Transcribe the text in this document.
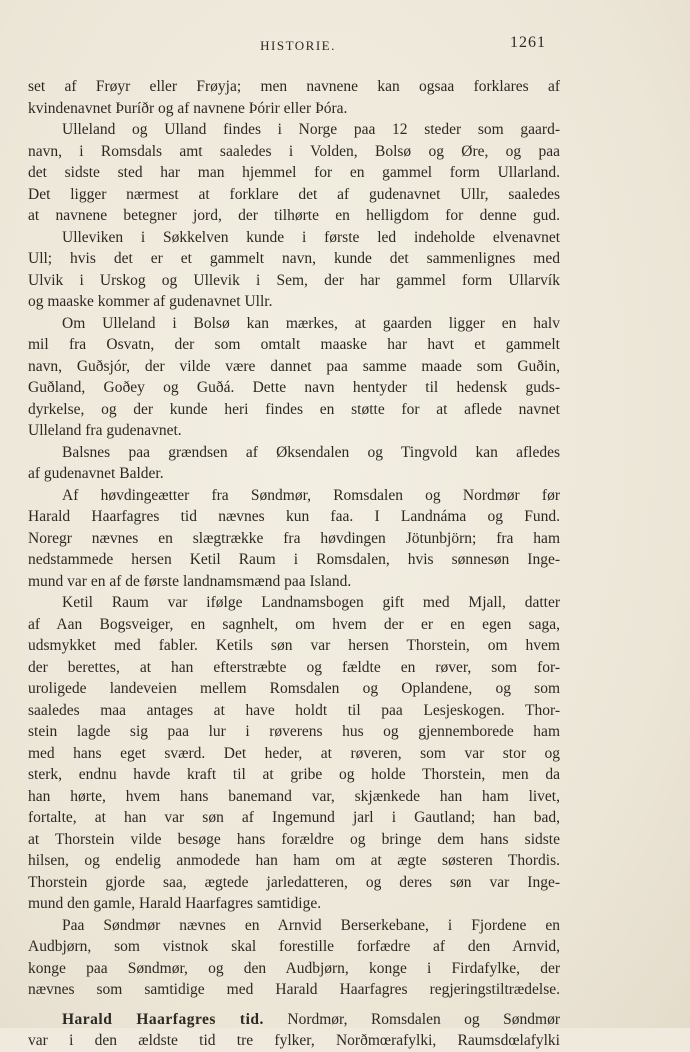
HISTORIE.	1261
set af Frøyr eller Frøyja; men navnene kan ogsaa forklares af
kvindenavnet Þuríðr og af navnene Þórir eller Þóra.
Ulleland og Ulland findes i Norge paa 12 steder som gaard-
navn, i Romsdals amt saaledes i Volden, Bolsø og Øre, og paa
det sidste sted har man hjemmel for en gammel form Ullarland.
Det ligger nærmest at forklare det af gudenavnet Ullr, saaledes
at navnene betegner jord, der tilhørte en helligdom for denne gud.
Ulleviken i Søkkelven kunde i første led indeholde elvenavnet
Ull; hvis det er et gammelt navn, kunde det sammenlignes med
Ulvik i Urskog og Ullevik i Sem, der har gammel form Ullarvík
og maaske kommer af gudenavnet Ullr.
Om Ulleland i Bolsø kan mærkes, at gaarden ligger en halv
mil fra Osvatn, der som omtalt maaske har havt et gammelt
navn, Guðsjór, der vilde være dannet paa samme maade som Guðin,
Guðland, Goðey og Guðá. Dette navn hentyder til hedensk guds-
dyrkelse, og der kunde heri findes en støtte for at aflede navnet
Ulleland fra gudenavnet.
Balsnes paa grændsen af Øksendalen og Tingvold kan afledes
af gudenavnet Balder.
Af høvdingeætter fra Søndmør, Romsdalen og Nordmør før
Harald Haarfagres tid nævnes kun faa. I Landnáma og Fund.
Noregr nævnes en slægtrække fra høvdingen Jötunbjörn; fra ham
nedstammede hersen Ketil Raum i Romsdalen, hvis sønnesøn Inge-
mund var en af de første landnamsmænd paa Island.
Ketil Raum var ifølge Landnamsbogen gift med Mjall, datter
af Aan Bogsveiger, en sagnhelt, om hvem der er en egen saga,
udsmykket med fabler. Ketils søn var hersen Thorstein, om hvem
der berettes, at han efterstræbte og fældte en røver, som for-
uroligede landeveien mellem Romsdalen og Oplandene, og som
saaledes maa antages at have holdt til paa Lesjeskogen. Thor-
stein lagde sig paa lur i røverens hus og gjennemborede ham
med hans eget sværd. Det heder, at røveren, som var stor og
sterk, endnu havde kraft til at gribe og holde Thorstein, men da
han hørte, hvem hans banemand var, skjænkede han ham livet,
fortalte, at han var søn af Ingemund jarl i Gautland; han bad,
at Thorstein vilde besøge hans forældre og bringe dem hans sidste
hilsen, og endelig anmodede han ham om at ægte søsteren Thordis.
Thorstein gjorde saa, ægtede jarledatteren, og deres søn var Inge-
mund den gamle, Harald Haarfagres samtidige.
Paa Søndmør nævnes en Arnvid Berserkebane, i Fjordene en
Audbjørn, som vistnok skal forestille forfædre af den Arnvid,
konge paa Søndmør, og den Audbjørn, konge i Firdafylke, der
nævnes som samtidige med Harald Haarfagres regjeringstiltrædelse.
Harald Haarfagres tid. Nordmør, Romsdalen og Søndmør
var i den ældste tid tre fylker, Norðmœrafylki, Raumsdœlafylki
